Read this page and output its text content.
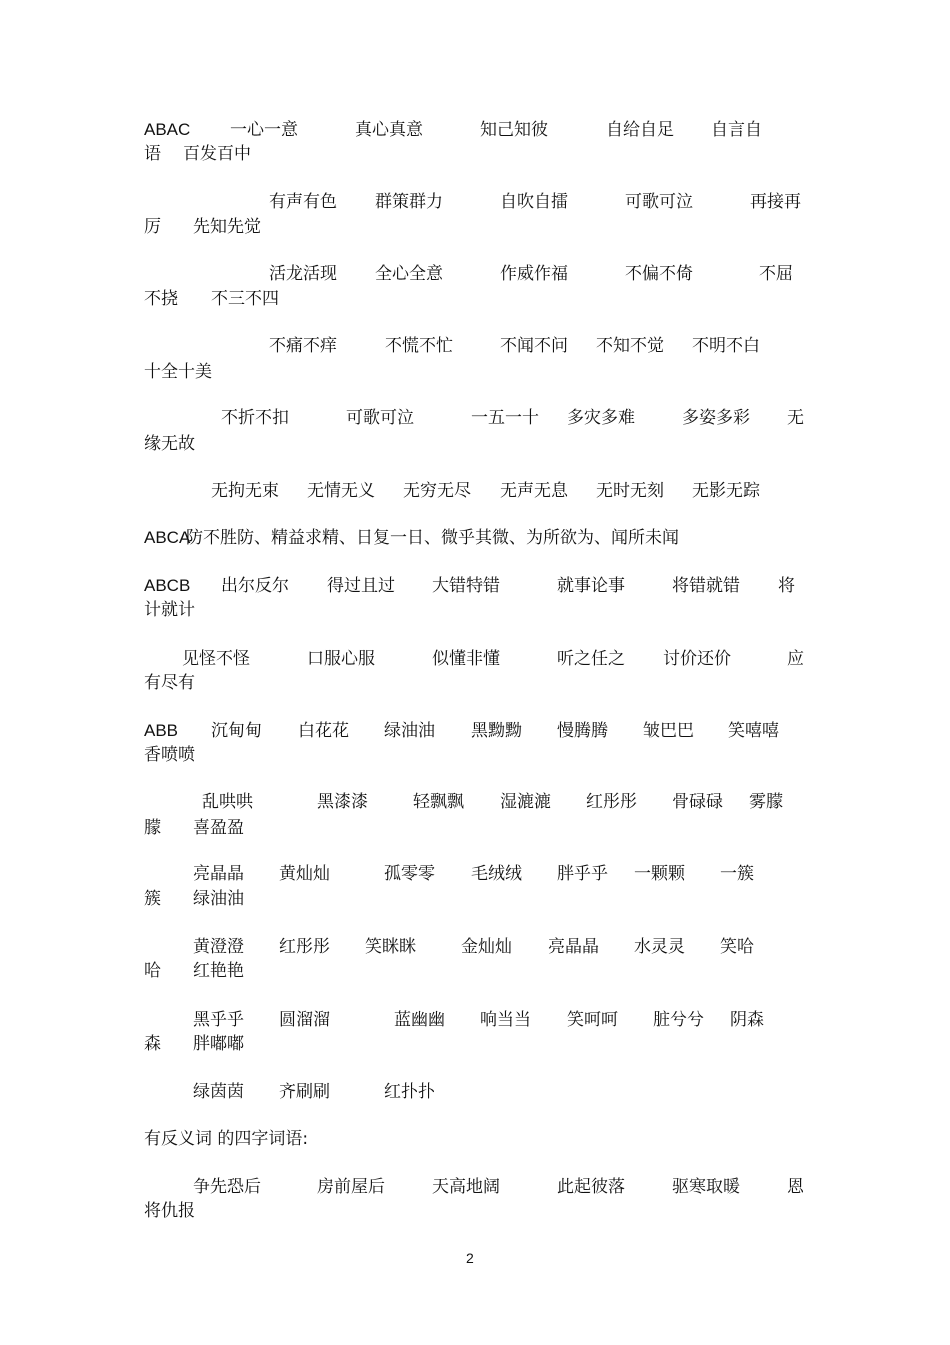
ABAC 一心一意	真心真意	知己知彼	自给自足 自言自
语 百发百中
有声有色 群策群力	自吹自擂	可歌可泣	再接再
厉 先知先觉
活龙活现 全心全意	作威作福	不偏不倚	不屈
不挠 不三不四
不痛不痒	不慌不忙	不闻不问 不知不觉 不明不白
十全十美
不折不扣	可歌可泣	一五一十 多灾多难	多姿多彩 无
缘无故
无拘无束 无情无义 无穷无尽 无声无息 无时无刻 无影无踪
ABCA
防不胜防、精益求精、日复一日、微乎其微、为所欲为、闻所未闻
ABCB 出尔反尔 得过且过 大错特错	就事论事	将错就错 将
计就计
见怪不怪	口服心服	似懂非懂	听之任之 讨价还价	应
有尽有
ABB 沉甸甸 白花花 绿油油 黑黝黝 慢腾腾 皱巴巴 笑嘻嘻
香喷喷
乱哄哄	黑漆漆	轻飘飘 湿漉漉 红彤彤 骨碌碌 雾朦
朦 喜盈盈
亮晶晶 黄灿灿	孤零零 毛绒绒 胖乎乎 一颗颗 一簇
簇 绿油油
黄澄澄 红彤彤 笑眯眯	金灿灿 亮晶晶 水灵灵 笑哈
哈 红艳艳
黑乎乎 圆溜溜	蓝幽幽 响当当 笑呵呵 脏兮兮 阴森
森 胖嘟嘟
绿茵茵 齐刷刷	红扑扑
有反义词 的四字词语:
争先恐后	房前屋后	天高地阔	此起彼落	驱寒取暖	恩
将仇报
2
